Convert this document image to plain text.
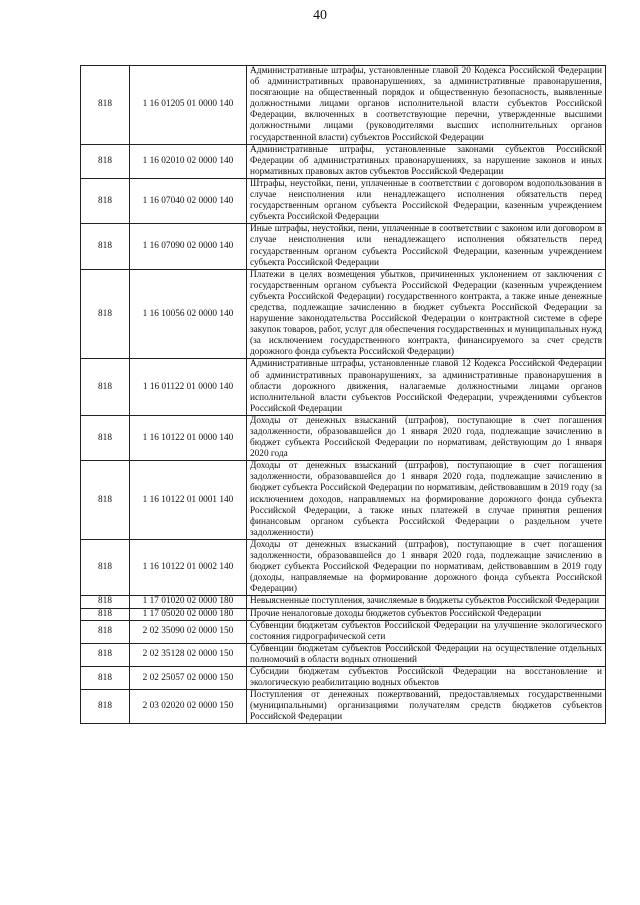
40
818	1 16 01205 01 0000 140	Административные штрафы, установленные главой 20 Кодекса Российской Федерации об административных правонарушениях, за административные правонарушения, посягающие на общественный порядок и общественную безопасность, выявленные должностными лицами органов исполнительной власти субъектов Российской Федерации, включенных в соответствующие перечни, утвержденные высшими должностными лицами (руководителями высших исполнительных органов государственной власти) субъектов Российской Федерации
818	1 16 02010 02 0000 140	Административные штрафы, установленные законами субъектов Российской Федерации об административных правонарушениях, за нарушение законов и иных нормативных правовых актов субъектов Российской Федерации
818	1 16 07040 02 0000 140	Штрафы, неустойки, пени, уплаченные в соответствии с договором водопользования в случае неисполнения или ненадлежащего исполнения обязательств перед государственным органом субъекта Российской Федерации, казенным учреждением субъекта Российской Федерации
818	1 16 07090 02 0000 140	Иные штрафы, неустойки, пени, уплаченные в соответствии с законом или договором в случае неисполнения или ненадлежащего исполнения обязательств перед государственным органом субъекта Российской Федерации, казенным учреждением субъекта Российской Федерации
818	1 16 10056 02 0000 140	Платежи в целях возмещения убытков, причиненных уклонением от заключения с государственным органом субъекта Российской Федерации (казенным учреждением субъекта Российской Федерации) государственного контракта, а также иные денежные средства, подлежащие зачислению в бюджет субъекта Российской Федерации за нарушение законодательства Российской Федерации о контрактной системе в сфере закупок товаров, работ, услуг для обеспечения государственных и муниципальных нужд (за исключением государственного контракта, финансируемого за счет средств дорожного фонда субъекта Российской Федерации)
818	1 16 01122 01 0000 140	Административные штрафы, установленные главой 12 Кодекса Российской Федерации об административных правонарушениях, за административные правонарушения в области дорожного движения, налагаемые должностными лицами органов исполнительной власти субъектов Российской Федерации, учреждениями субъектов Российской Федерации
818	1 16 10122 01 0000 140	Доходы от денежных взысканий (штрафов), поступающие в счет погашения задолженности, образовавшейся до 1 января 2020 года, подлежащие зачислению в бюджет субъекта Российской Федерации по нормативам, действующим до 1 января 2020 года
818	1 16 10122 01 0001 140	Доходы от денежных взысканий (штрафов), поступающие в счет погашения задолженности, образовавшейся до 1 января 2020 года, подлежащие зачислению в бюджет субъекта Российской Федерации по нормативам, действовавшим в 2019 году (за исключением доходов, направляемых на формирование дорожного фонда субъекта Российской Федерации, а также иных платежей в случае принятия решения финансовым органом субъекта Российской Федерации о раздельном учете задолженности)
818	1 16 10122 01 0002 140	Доходы от денежных взысканий (штрафов), поступающие в счет погашения задолженности, образовавшейся до 1 января 2020 года, подлежащие зачислению в бюджет субъекта Российской Федерации по нормативам, действовавшим в 2019 году (доходы, направляемые на формирование дорожного фонда субъекта Российской Федерации)
818	1 17 01020 02 0000 180	Невыясненные поступления, зачисляемые в бюджеты субъектов Российской Федерации
818	1 17 05020 02 0000 180	Прочие неналоговые доходы бюджетов субъектов Российской Федерации
818	2 02 35090 02 0000 150	Субвенции бюджетам субъектов Российской Федерации на улучшение экологического состояния гидрографической сети
818	2 02 35128 02 0000 150	Субвенции бюджетам субъектов Российской Федерации на осуществление отдельных полномочий в области водных отношений
818	2 02 25057 02 0000 150	Субсидии бюджетам субъектов Российской Федерации на восстановление и экологическую реабилитацию водных объектов
818	2 03 02020 02 0000 150	Поступления от денежных пожертвований, предоставляемых государственными (муниципальными) организациями получателям средств бюджетов субъектов Российской Федерации
